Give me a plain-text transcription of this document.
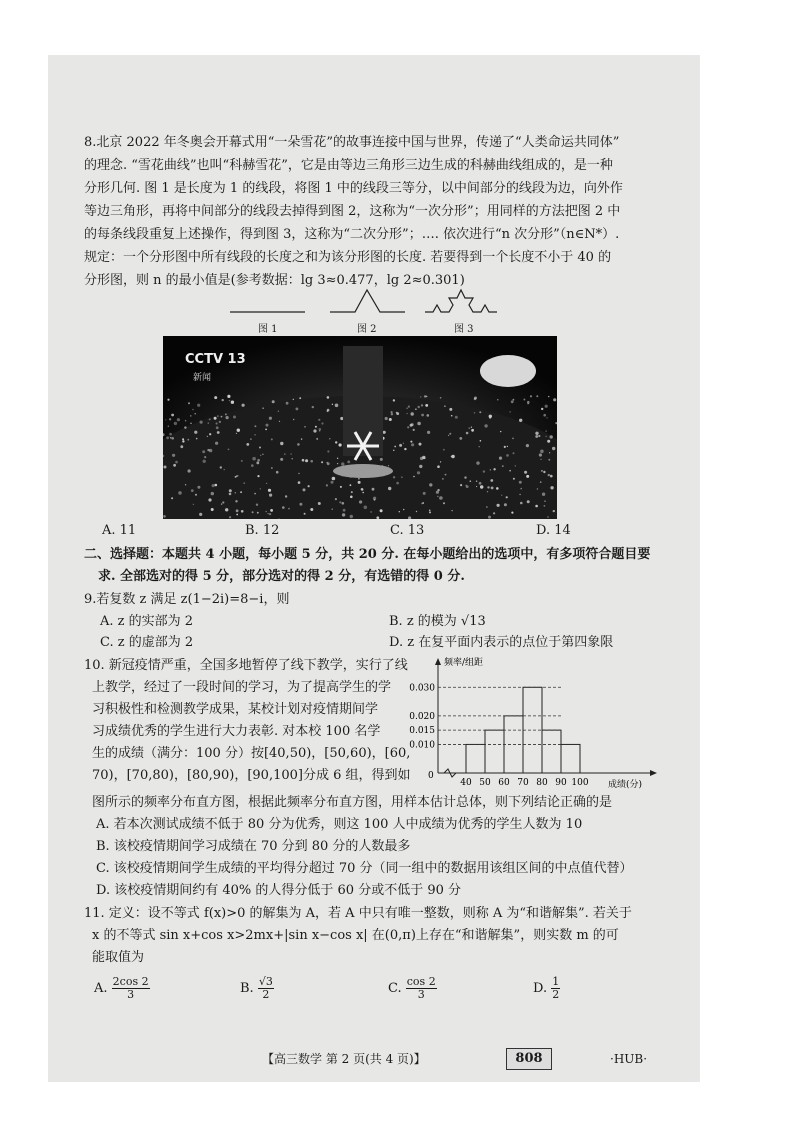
8.北京 2022 年冬奥会开幕式用“一朵雪花”的故事连接中国与世界，传递了“人类命运共同体”
的理念. “雪花曲线”也叫“科赫雪花”，它是由等边三角形三边生成的科赫曲线组成的，是一种
分形几何. 图 1 是长度为 1 的线段，将图 1 中的线段三等分，以中间部分的线段为边，向外作
等边三角形，再将中间部分的线段去掉得到图 2，这称为“一次分形”；用同样的方法把图 2 中
的每条线段重复上述操作，得到图 3，这称为“二次分形”；…. 依次进行“n 次分形”（n∈N*）.
规定：一个分形图中所有线段的长度之和为该分形图的长度. 若要得到一个长度不小于 40 的
分形图，则 n 的最小值是(参考数据：lg 3≈0.477，lg 2≈0.301)
图 1	图 2	图 3
CCTV 13
新闻
A. 11	B. 12	C. 13	D. 14
二、选择题：本题共 4 小题，每小题 5 分，共 20 分. 在每小题给出的选项中，有多项符合题目要
求. 全部选对的得 5 分，部分选对的得 2 分，有选错的得 0 分.
9.若复数 z 满足 z(1−2i)=8−i，则
A. z 的实部为 2	B. z 的模为 √13
C. z 的虚部为 2	D. z 在复平面内表示的点位于第四象限
10. 新冠疫情严重，全国多地暂停了线下教学，实行了线
上教学，经过了一段时间的学习，为了提高学生的学
习积极性和检测教学成果，某校计划对疫情期间学
习成绩优秀的学生进行大力表彰. 对本校 100 名学
生的成绩（满分：100 分）按[40,50)，[50,60)，[60,
70)，[70,80)，[80,90)，[90,100]分成 6 组，得到如
图所示的频率分布直方图，根据此频率分布直方图，用样本估计总体，则下列结论正确的是
A. 若本次测试成绩不低于 80 分为优秀，则这 100 人中成绩为优秀的学生人数为 10
B. 该校疫情期间学习成绩在 70 分到 80 分的人数最多
C. 该校疫情期间学生成绩的平均得分超过 70 分（同一组中的数据用该组区间的中点值代替）
D. 该校疫情期间约有 40% 的人得分低于 60 分或不低于 90 分
0.010
0.015
0.020
0.030
40 50 60 70 80 90 100
频率/组距
成绩(分)
0
11. 定义：设不等式 f(x)>0 的解集为 A，若 A 中只有唯一整数，则称 A 为“和谐解集”. 若关于
x 的不等式 sin x+cos x>2mx+|sin x−cos x| 在(0,π)上存在“和谐解集”，则实数 m 的可
能取值为
A. $\frac{2\cos 2}{3}$	B. $\frac{√3}{2}$	C. $\frac{\cos 2}{3}$	D. $\frac{1}{2}$
【高三数学 第 2 页(共 4 页)】	808	·HUB·
